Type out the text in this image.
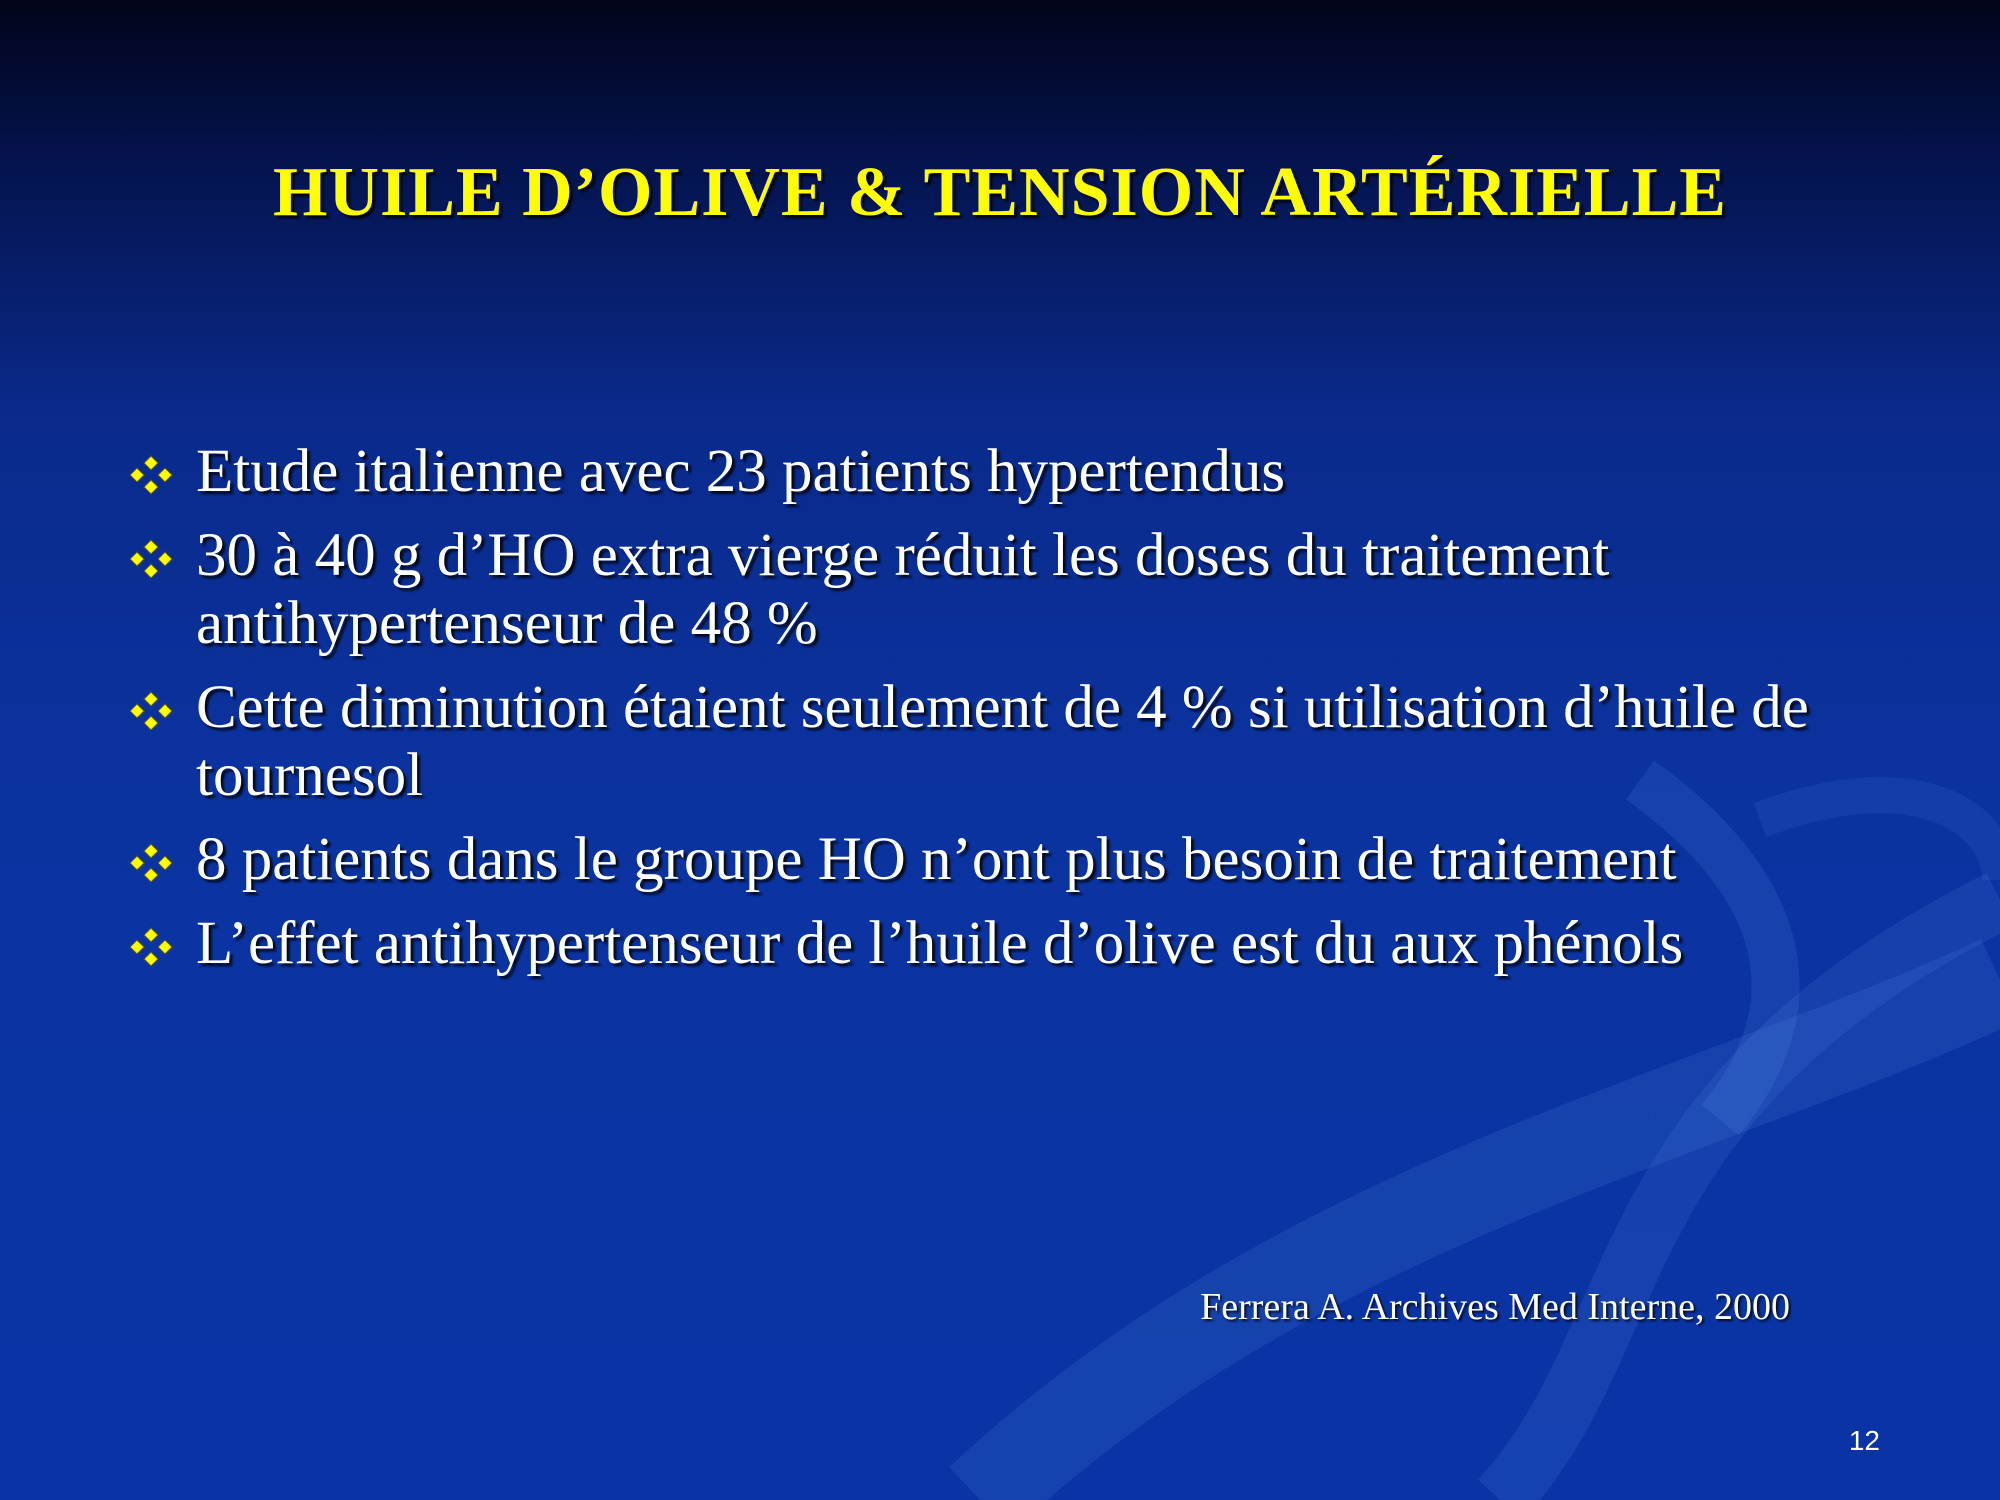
HUILE D’OLIVE & TENSION ARTÉRIELLE
Etude italienne avec 23 patients hypertendus
30 à 40 g d’HO extra vierge réduit les doses du traitement antihypertenseur de 48 %
Cette diminution étaient seulement de 4 % si utilisation d’huile de tournesol
8 patients dans le groupe HO n’ont plus besoin de traitement
L’effet antihypertenseur de l’huile d’olive est du aux phénols
Ferrera A. Archives Med Interne, 2000
12
